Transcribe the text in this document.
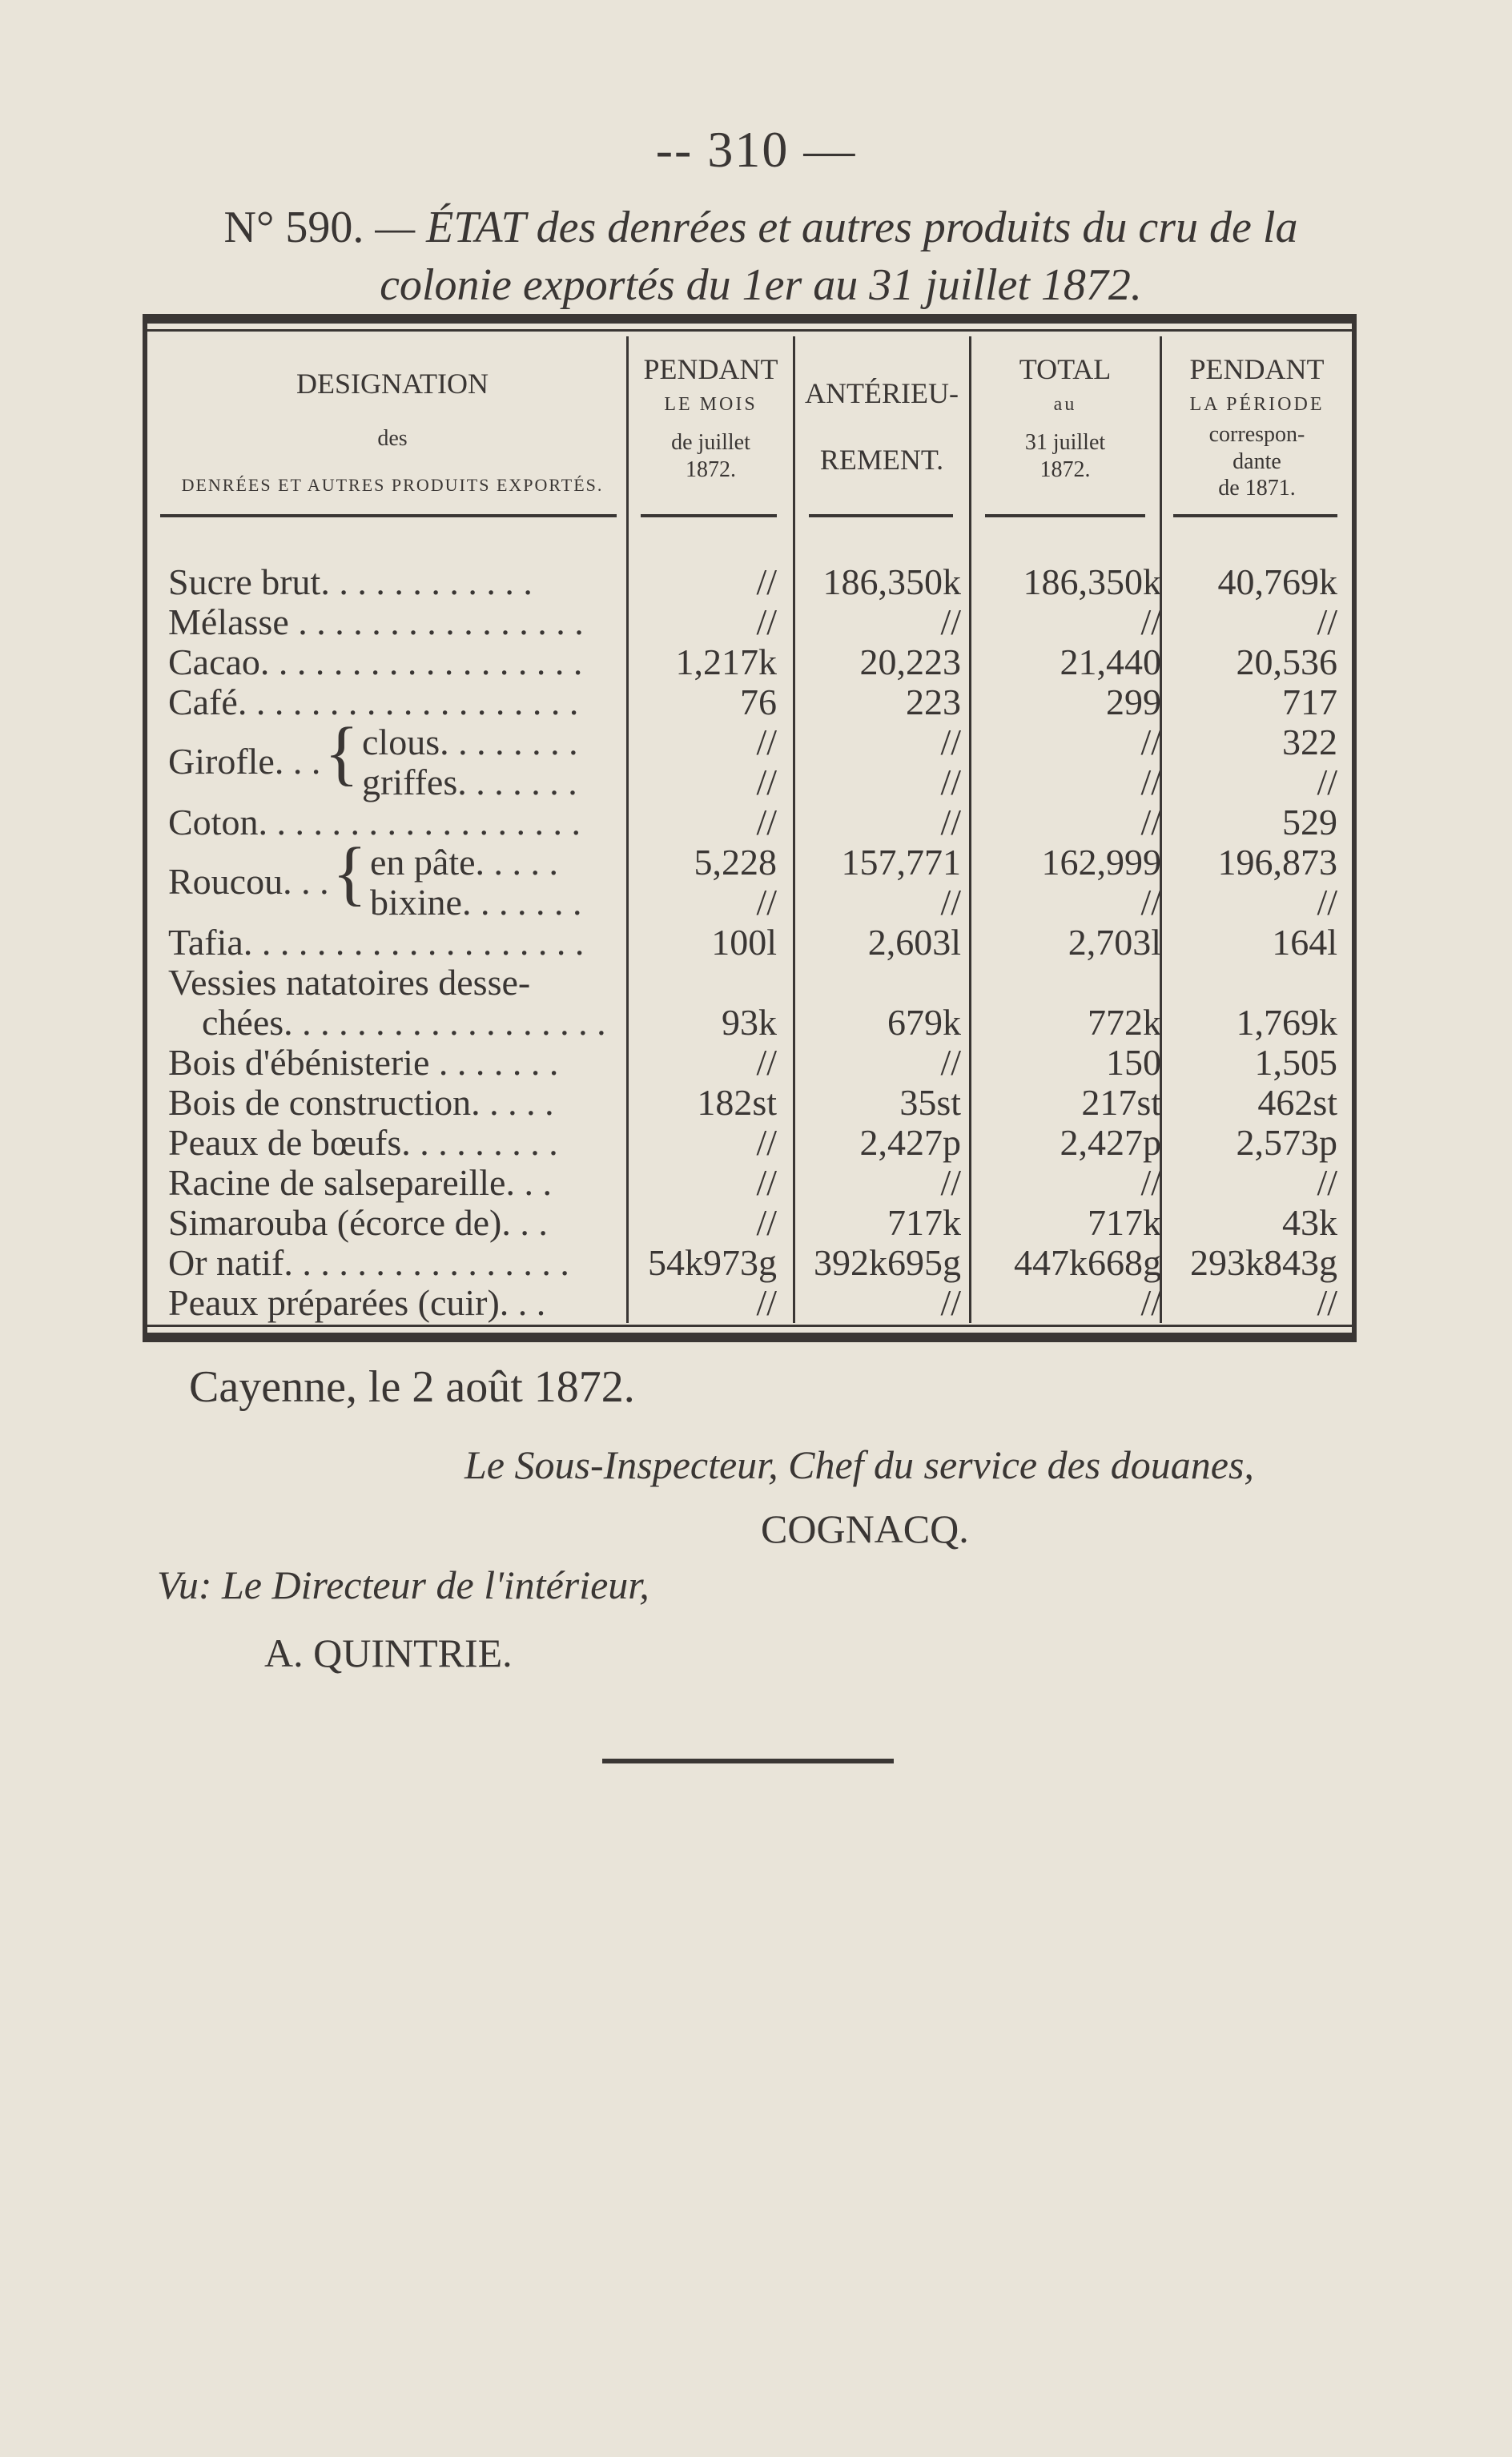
-- 310 —
N° 590. — ÉTAT des denrées et autres produits du cru de la
colonie exportés du 1er au 31 juillet 1872.
DESIGNATION
des
DENRÉES ET AUTRES PRODUITS EXPORTÉS.
PENDANT
LE MOIS
de juillet
1872.
ANTÉRIEU-
REMENT.
TOTAL
au
31 juillet
1872.
PENDANT
LA PÉRIODE
correspon-
dante
de 1871.
Sucre brut. . . . . . . . . . . .	//	186,350k	186,350k	40,769k
Mélasse . . . . . . . . . . . . . . . .	//	//	//	//
Cacao. . . . . . . . . . . . . . . . . .	1,217k	20,223	21,440	20,536
Café. . . . . . . . . . . . . . . . . . .	76	223	299	717
Girofle. . . { clous. . . . . . . .	//	//	//	322
griffes. . . . . . .	//	//	//	//
Coton. . . . . . . . . . . . . . . . . .	//	//	//	529
Roucou. . . { en pâte. . . . .	5,228	157,771	162,999	196,873
bixine. . . . . . .	//	//	//	//
Tafia. . . . . . . . . . . . . . . . . . .	100l	2,603l	2,703l	164l
Vessies natatoires desse-
chées. . . . . . . . . . . . . . . . . .	93k	679k	772k	1,769k
Bois d'ébénisterie . . . . . . .	//	//	150	1,505
Bois de construction. . . . .	182st	35st	217st	462st
Peaux de bœufs. . . . . . . . .	//	2,427p	2,427p	2,573p
Racine de salsepareille. . .	//	//	//	//
Simarouba (écorce de). . .	//	717k	717k	43k
Or natif. . . . . . . . . . . . . . . .	54k973g	392k695g	447k668g 293k843g
Peaux préparées (cuir). . .	//	//	//	//
Cayenne, le 2 août 1872.
Le Sous-Inspecteur, Chef du service des douanes,
COGNACQ.
Vu: Le Directeur de l'intérieur,
A. QUINTRIE.
